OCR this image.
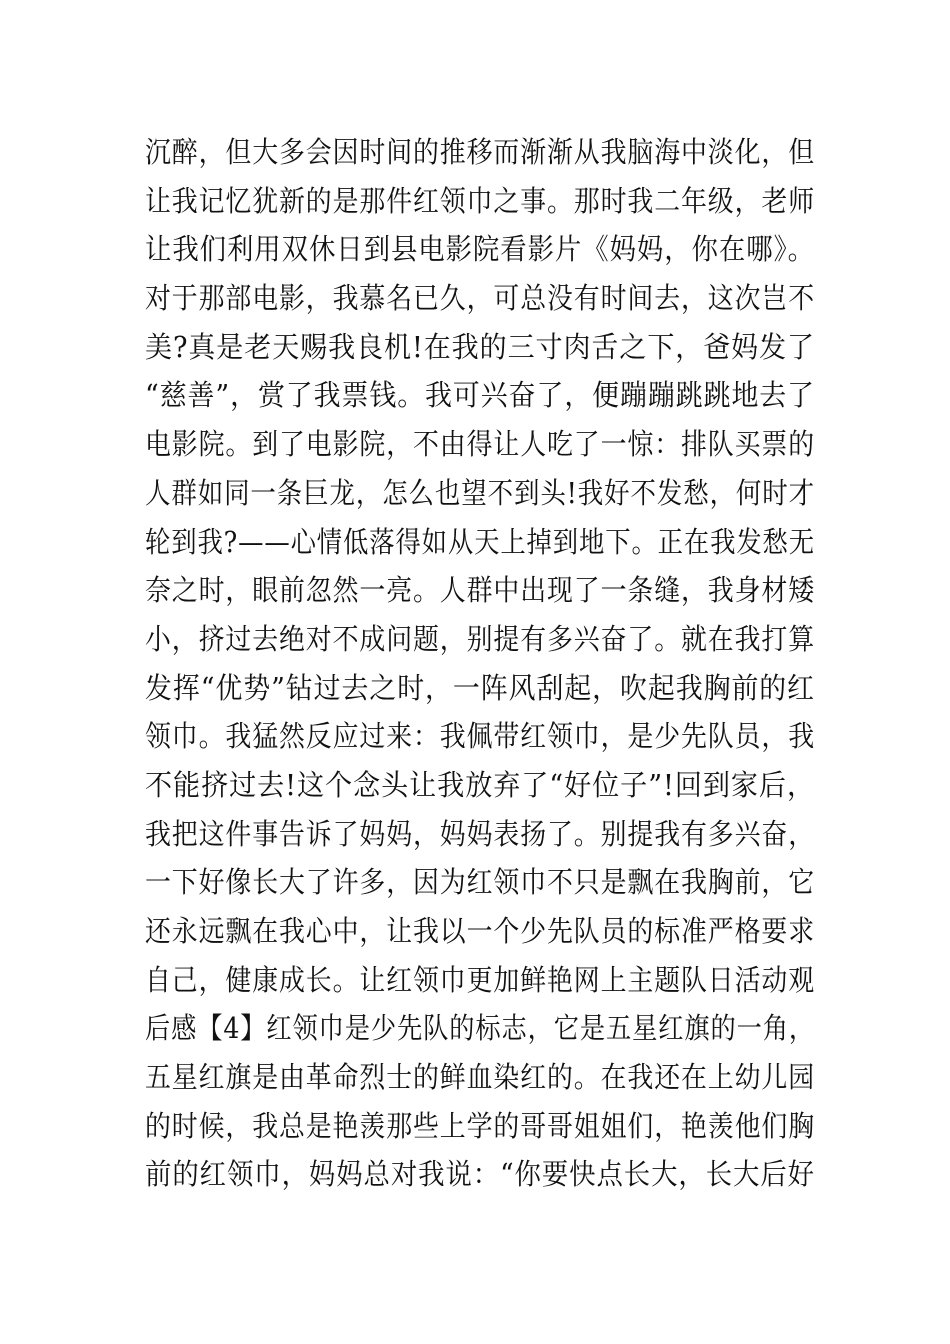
沉醉，但大多会因时间的推移而渐渐从我脑海中淡化，但
让我记忆犹新的是那件红领巾之事。那时我二年级，老师
让我们利用双休日到县电影院看影片《妈妈，你在哪》。
对于那部电影，我慕名已久，可总没有时间去，这次岂不
美?真是老天赐我良机!在我的三寸肉舌之下，爸妈发了
“慈善”，赏了我票钱。我可兴奋了，便蹦蹦跳跳地去了
电影院。到了电影院，不由得让人吃了一惊：排队买票的
人群如同一条巨龙，怎么也望不到头!我好不发愁，何时才
轮到我?——心情低落得如从天上掉到地下。正在我发愁无
奈之时，眼前忽然一亮。人群中出现了一条缝，我身材矮
小，挤过去绝对不成问题，别提有多兴奋了。就在我打算
发挥“优势”钻过去之时，一阵风刮起，吹起我胸前的红
领巾。我猛然反应过来：我佩带红领巾，是少先队员，我
不能挤过去!这个念头让我放弃了“好位子”!回到家后，
我把这件事告诉了妈妈，妈妈表扬了。别提我有多兴奋，
一下好像长大了许多，因为红领巾不只是飘在我胸前，它
还永远飘在我心中，让我以一个少先队员的标准严格要求
自己，健康成长。让红领巾更加鲜艳网上主题队日活动观
后感【4】红领巾是少先队的标志，它是五星红旗的一角，
五星红旗是由革命烈士的鲜血染红的。在我还在上幼儿园
的时候，我总是艳羡那些上学的哥哥姐姐们，艳羡他们胸
前的红领巾，妈妈总对我说：“你要快点长大，长大后好
